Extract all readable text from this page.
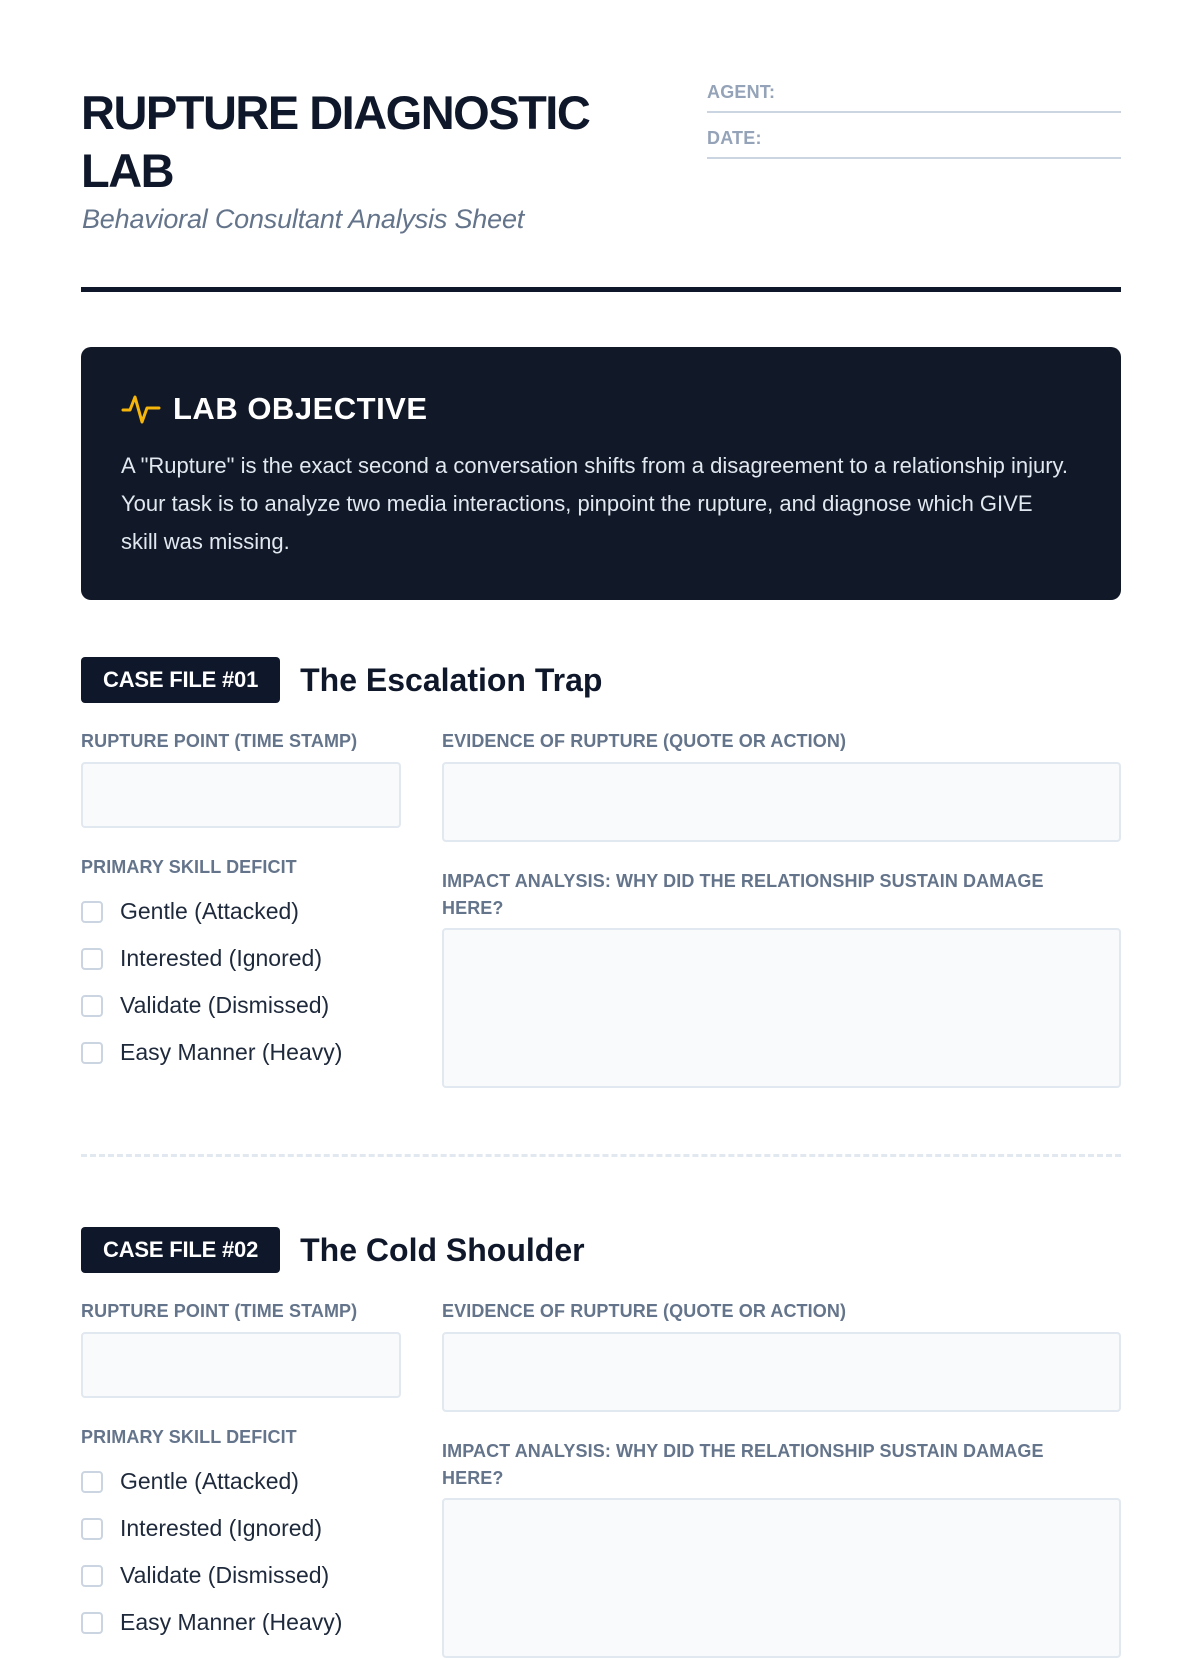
RUPTURE DIAGNOSTIC LAB

Behavioral Consultant Analysis Sheet

AGENT:
DATE:
LAB OBJECTIVE
A "Rupture" is the exact second a conversation shifts from a disagreement to a relationship injury. Your task is to analyze two media interactions, pinpoint the rupture, and diagnose which GIVE skill was missing.
CASE FILE #01	The Escalation Trap
RUPTURE POINT (TIME STAMP)	EVIDENCE OF RUPTURE (QUOTE OR ACTION)
PRIMARY SKILL DEFICIT
Gentle (Attacked)
Interested (Ignored)
Validate (Dismissed)
Easy Manner (Heavy)
IMPACT ANALYSIS: WHY DID THE RELATIONSHIP SUSTAIN DAMAGE HERE?
CASE FILE #02	The Cold Shoulder
RUPTURE POINT (TIME STAMP)	EVIDENCE OF RUPTURE (QUOTE OR ACTION)
PRIMARY SKILL DEFICIT
Gentle (Attacked)
Interested (Ignored)
Validate (Dismissed)
Easy Manner (Heavy)
IMPACT ANALYSIS: WHY DID THE RELATIONSHIP SUSTAIN DAMAGE HERE?
